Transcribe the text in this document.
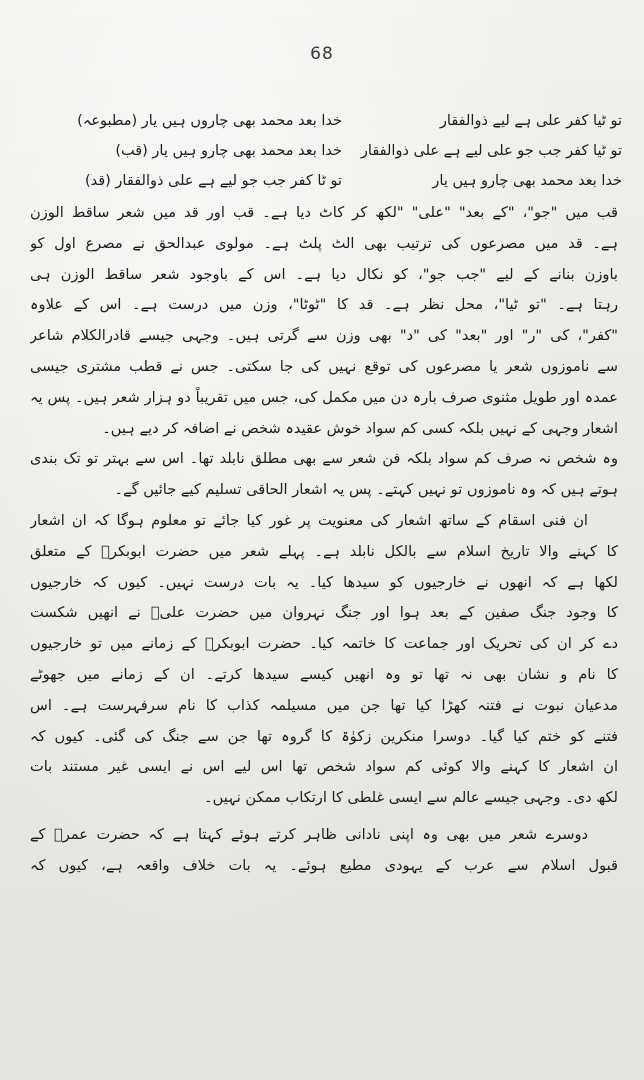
68
تو ٹیا کفر علی ہے لیے ذوالفقار
خدا بعد محمد بھی چاروں ہیں یار (مطبوعہ)
تو ٹیا کفر جب جو علی لیے ہے علی ذوالفقار
خدا بعد محمد بھی چارو ہیں یار (قب)
خدا بعد محمد بھی چارو ہیں یار
تو ٹا کفر جب جو لیے ہے علی ذوالفقار (قد)
قب میں "جو"، "کے بعد" "علی" "لکھ کر کاٹ دیا ہے۔ قب اور قد میں شعر ساقط الوزن
ہے۔ قد میں مصرعوں کی ترتیب بھی الٹ پلٹ ہے۔ مولوی عبدالحق نے مصرع اول کو
باوزن بنانے کے لیے "جب جو"، کو نکال دیا ہے۔ اس کے باوجود شعر ساقط الوزن ہی
رہتا ہے۔ "تو ٹیا"، محل نظر ہے۔ قد کا "ٹوٹا"، وزن میں درست ہے۔ اس کے علاوہ
"کفر"، کی "ر" اور "بعد" کی "د" بھی وزن سے گرتی ہیں۔ وجہی جیسے قادرالکلام شاعر
سے ناموزوں شعر یا مصرعوں کی توقع نہیں کی جا سکتی۔ جس نے قطب مشتری جیسی
عمدہ اور طویل مثنوی صرف بارہ دن میں مکمل کی، جس میں تقریباً دو ہزار شعر ہیں۔ پس یہ
اشعار وجہی کے نہیں بلکہ کسی کم سواد خوش عقیدہ شخص نے اضافہ کر دیے ہیں۔
وہ شخص نہ صرف کم سواد بلکہ فن شعر سے بھی مطلق نابلد تھا۔ اس سے بہتر تو تک بندی
ہوتے ہیں کہ وہ ناموزوں تو نہیں کہتے۔ پس یہ اشعار الحاقی تسلیم کیے جائیں گے۔
ان فنی اسقام کے ساتھ اشعار کی معنویت پر غور کیا جائے تو معلوم ہوگا کہ ان اشعار
کا کہنے والا تاریخ اسلام سے بالکل نابلد ہے۔ پہلے شعر میں حضرت ابوبکرؓ کے متعلق
لکھا ہے کہ انھوں نے خارجیوں کو سیدھا کیا۔ یہ بات درست نہیں۔ کیوں کہ خارجیوں
کا وجود جنگ صفین کے بعد ہوا اور جنگ نہروان میں حضرت علیؓ نے انھیں شکست
دے کر ان کی تحریک اور جماعت کا خاتمہ کیا۔ حضرت ابوبکرؓ کے زمانے میں تو خارجیوں
کا نام و نشان بھی نہ تھا تو وہ انھیں کیسے سیدھا کرتے۔ ان کے زمانے میں جھوٹے
مدعیان نبوت نے فتنہ کھڑا کیا تھا جن میں مسیلمہ کذاب کا نام سرفہرست ہے۔ اس
فتنے کو ختم کیا گیا۔ دوسرا منکرین زکوٰۃ کا گروہ تھا جن سے جنگ کی گئی۔ کیوں کہ
ان اشعار کا کہنے والا کوئی کم سواد شخص تھا اس لیے اس نے ایسی غیر مستند بات
لکھ دی۔ وجہی جیسے عالم سے ایسی غلطی کا ارتکاب ممکن نہیں۔
دوسرے شعر میں بھی وہ اپنی نادانی ظاہر کرتے ہوئے کہتا ہے کہ حضرت عمرؓ کے
قبول اسلام سے عرب کے یہودی مطیع ہوئے۔ یہ بات خلاف واقعہ ہے، کیوں کہ
